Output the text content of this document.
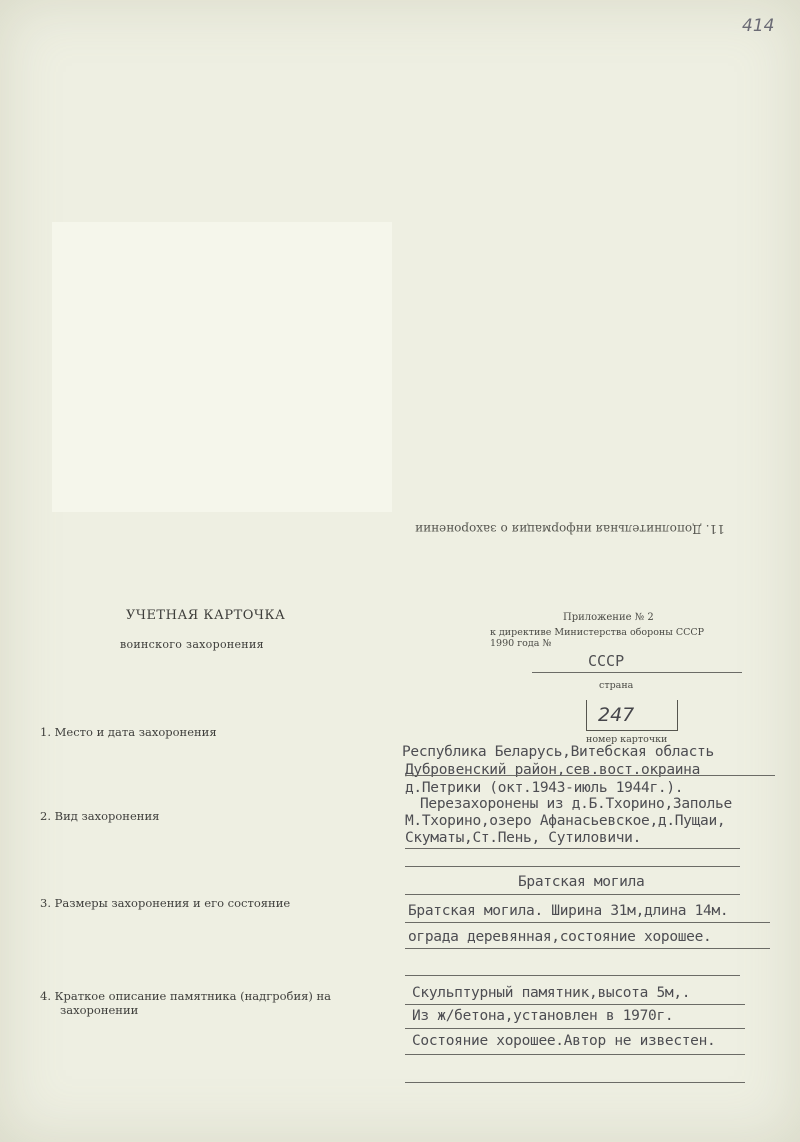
414
11. Дополнительная информация о захоронении
УЧЕТНАЯ КАРТОЧКА
воинского захоронения
Приложение № 2
к директиве Министерства обороны СССР
1990 года №
СССР
страна
247
номер карточки
1. Место и дата захоронения
Республика Беларусь,Витебская область
Дубровенский район,сев.вост.окраина
д.Петрики (окт.1943-июль 1944г.).
Перезахоронены из д.Б.Тхорино,Заполье
М.Тхорино,озеро Афанасьевское,д.Пущаи,
Скуматы,Ст.Пень, Сутиловичи.
2. Вид захоронения
Братская могила
3. Размеры захоронения и его состояние	Братская могила. Ширина 31м,длина 14м.
ограда деревянная,состояние хорошее.
4. Краткое описание памятника (надгробия) на
захоронении
Скульптурный памятник,высота 5м,.
Из ж/бетона,установлен в 1970г.
Состояние хорошее.Автор не известен.
